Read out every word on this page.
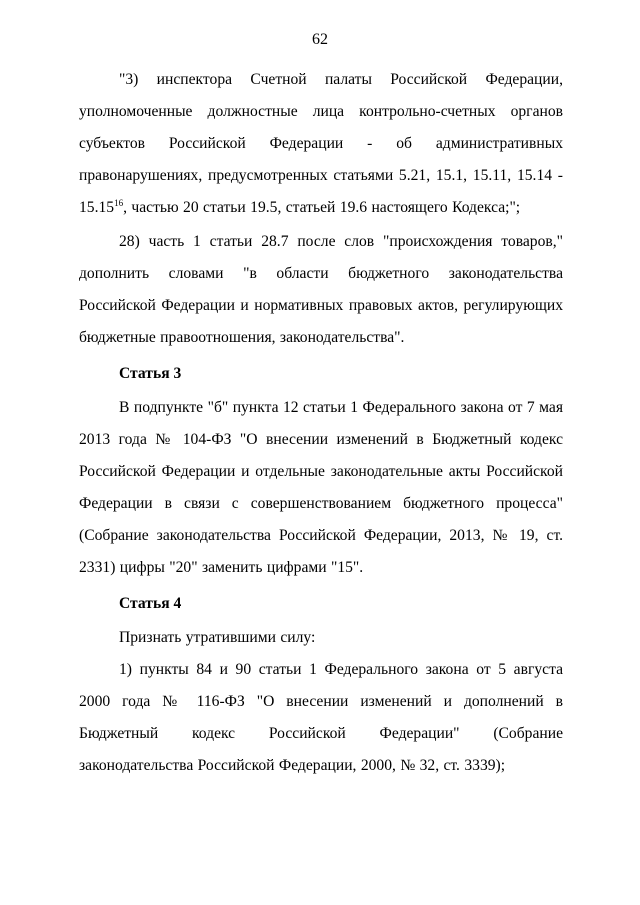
62

"3) инспектора Счетной палаты Российской Федерации, уполномоченные должностные лица контрольно-счетных органов субъектов Российской Федерации - об административных правонарушениях, предусмотренных статьями 5.21, 15.1, 15.11, 15.14 - 15.15$^{16}$, частью 20 статьи 19.5, статьей 19.6 настоящего Кодекса;";

28) часть 1 статьи 28.7 после слов "происхождения товаров," дополнить словами "в области бюджетного законодательства Российской Федерации и нормативных правовых актов, регулирующих бюджетные правоотношения, законодательства".

Статья 3

В подпункте "б" пункта 12 статьи 1 Федерального закона от 7 мая 2013 года № 104-ФЗ "О внесении изменений в Бюджетный кодекс Российской Федерации и отдельные законодательные акты Российской Федерации в связи с совершенствованием бюджетного процесса" (Собрание законодательства Российской Федерации, 2013, № 19, ст. 2331) цифры "20" заменить цифрами "15".

Статья 4

Признать утратившими силу:

1) пункты 84 и 90 статьи 1 Федерального закона от 5 августа 2000 года № 116-ФЗ "О внесении изменений и дополнений в Бюджетный кодекс Российской Федерации" (Собрание законодательства Российской Федерации, 2000, № 32, ст. 3339);
